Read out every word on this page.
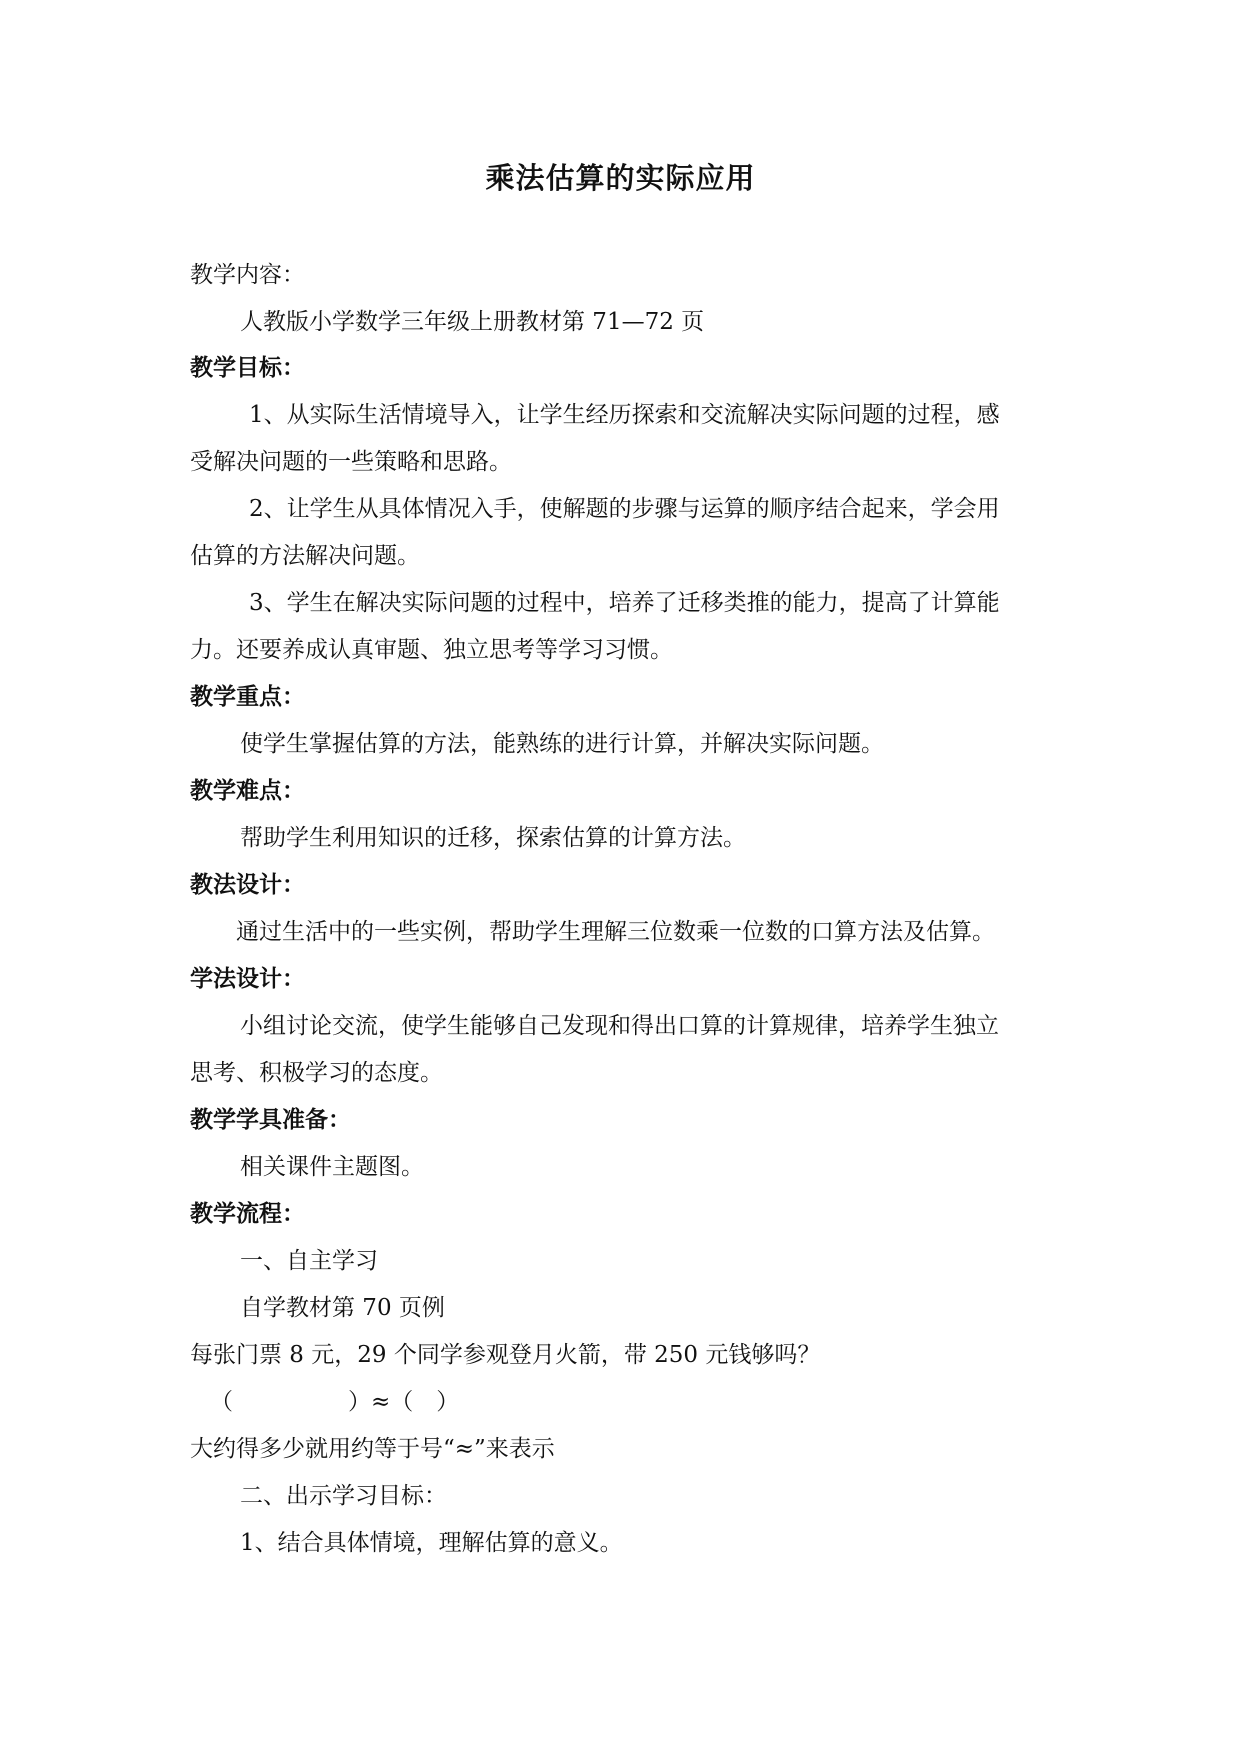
乘法估算的实际应用

教学内容：

人教版小学数学三年级上册教材第 71—72 页

教学目标：

1、从实际生活情境导入，让学生经历探索和交流解决实际问题的过程，感

受解决问题的一些策略和思路。

2、让学生从具体情况入手，使解题的步骤与运算的顺序结合起来，学会用

估算的方法解决问题。

3、学生在解决实际问题的过程中，培养了迁移类推的能力，提高了计算能

力。还要养成认真审题、独立思考等学习习惯。

教学重点：

使学生掌握估算的方法，能熟练的进行计算，并解决实际问题。

教学难点：

帮助学生利用知识的迁移，探索估算的计算方法。

教法设计：

通过生活中的一些实例，帮助学生理解三位数乘一位数的口算方法及估算。

学法设计：

小组讨论交流，使学生能够自己发现和得出口算的计算规律，培养学生独立

思考、积极学习的态度。

教学学具准备：

相关课件主题图。

教学流程：

一、自主学习

自学教材第 70 页例

每张门票 8 元，29 个同学参观登月火箭，带 250 元钱够吗？

（　　　　　）≈（　）

大约得多少就用约等于号“≈”来表示

二、出示学习目标：

1、结合具体情境，理解估算的意义。
